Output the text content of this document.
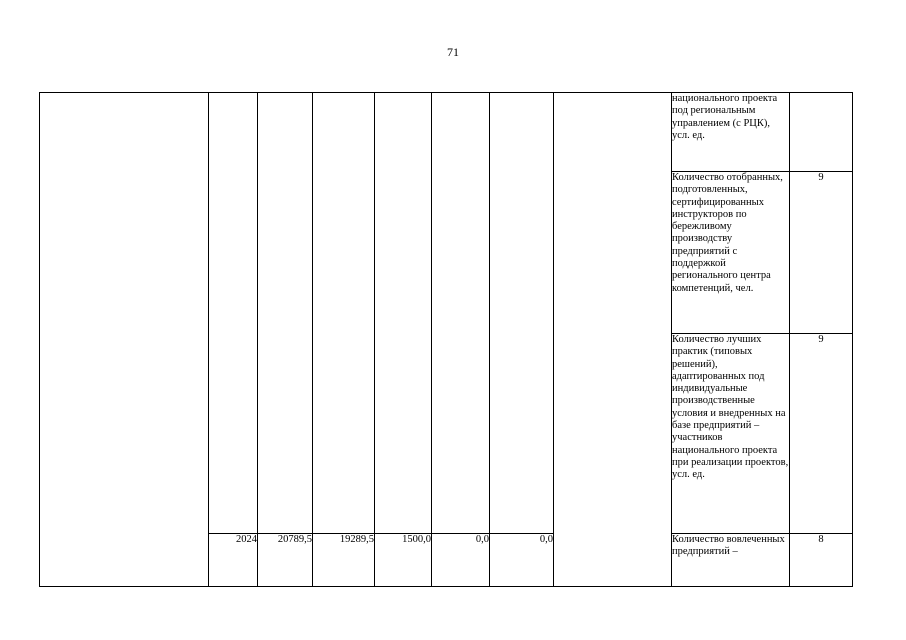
71
								национального проекта под региональным управлением (с РЦК), усл. ед.	
								Количество отобранных, подготовленных, сертифицированных инструкторов по бережливому производству предприятий с поддержкой регионального центра компетенций, чел.	9
								Количество лучших практик (типовых решений), адаптированных под индивидуальные производственные условия и внедренных на базе предприятий – участников национального проекта при реализации проектов, усл. ед.	9
	2024	20789,5	19289,5	1500,0	0,0	0,0		Количество вовлеченных предприятий –	8
